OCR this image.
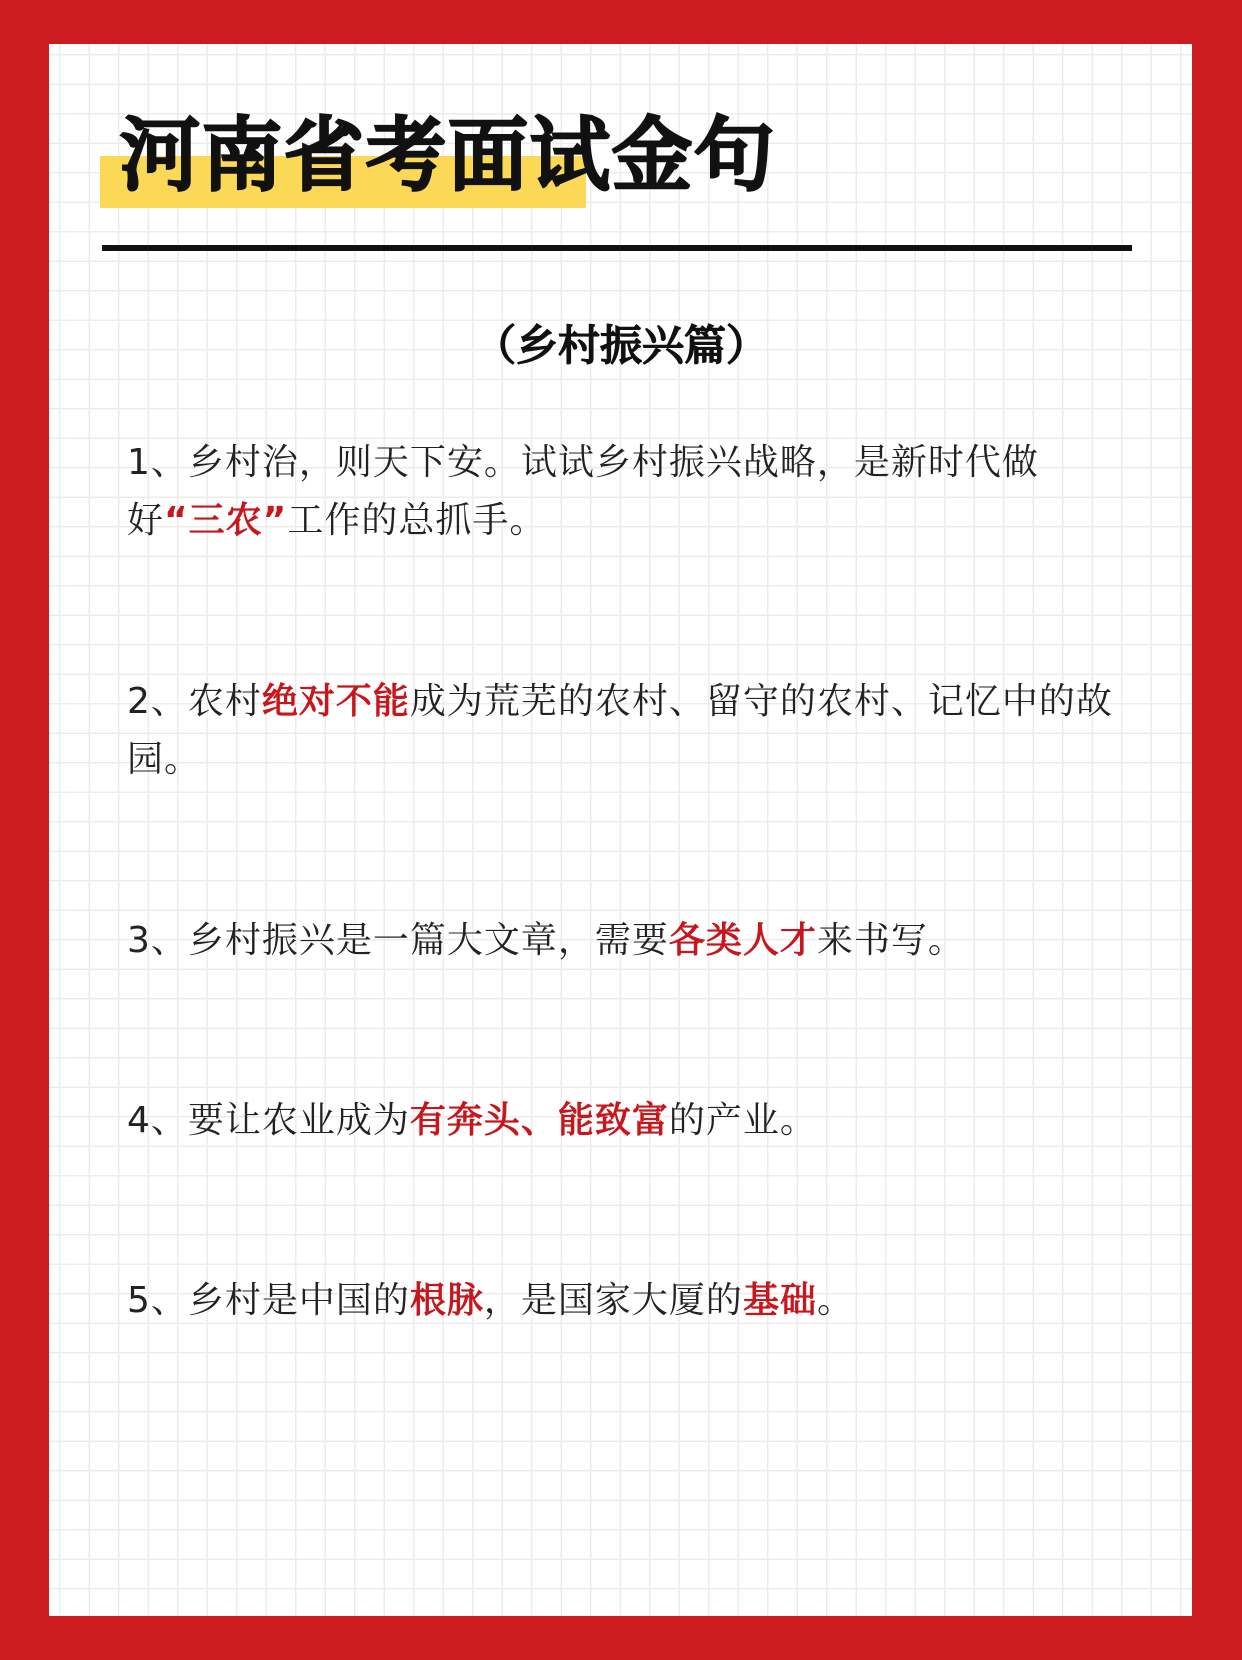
河南省考面试金句
（乡村振兴篇）

1、乡村治，则天下安。试试乡村振兴战略，是新时代做好“三农”工作的总抓手。

2、农村绝对不能成为荒芜的农村、留守的农村、记忆中的故园。

3、乡村振兴是一篇大文章，需要各类人才来书写。

4、要让农业成为有奔头、能致富的产业。

5、乡村是中国的根脉，是国家大厦的基础。
